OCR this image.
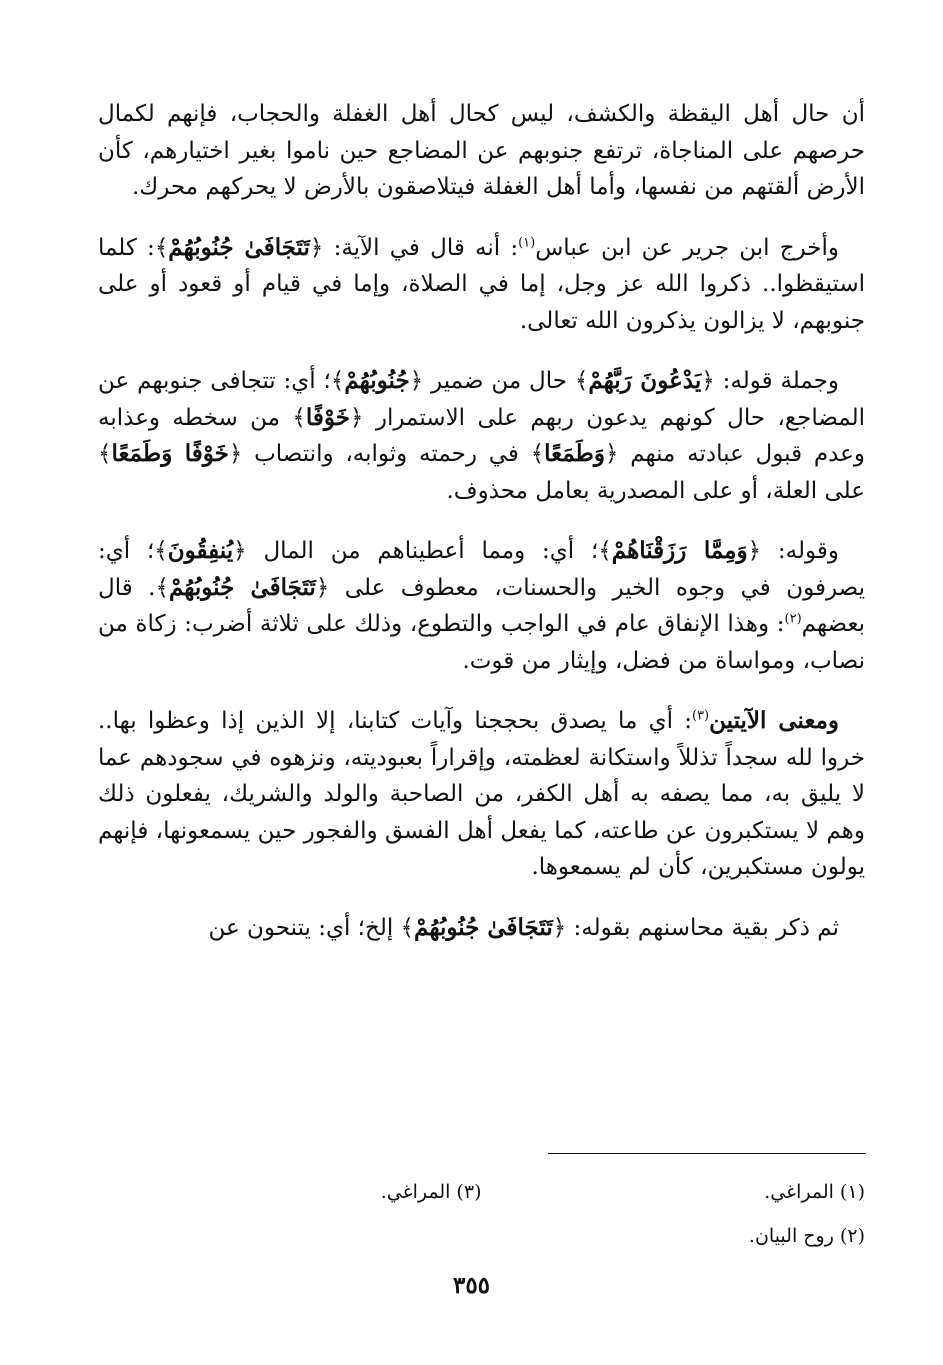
أن حال أهل اليقظة والكشف، ليس كحال أهل الغفلة والحجاب، فإنهم لكمال حرصهم على المناجاة، ترتفع جنوبهم عن المضاجع حين ناموا بغير اختيارهم، كأن الأرض ألقتهم من نفسها، وأما أهل الغفلة فيتلاصقون بالأرض لا يحركهم محرك.

وأخرج ابن جرير عن ابن عباس$^{(١)}$: أنه قال في الآية: ﴿ تَتَجَافَىٰ جُنُوبُهُمْ ﴾: كلما استيقظوا.. ذكروا الله عز وجل، إما في الصلاة، وإما في قيام أو قعود أو على جنوبهم، لا يزالون يذكرون الله تعالى.

وجملة قوله: ﴿ يَدْعُونَ رَبَّهُمْ ﴾ حال من ضمير ﴿ جُنُوبُهُمْ ﴾؛ أي: تتجافى جنوبهم عن المضاجع، حال كونهم يدعون ربهم على الاستمرار ﴿ خَوْفًا ﴾ من سخطه وعذابه وعدم قبول عبادته منهم ﴿ وَطَمَعًا ﴾ في رحمته وثوابه، وانتصاب ﴿ خَوْفًا وَطَمَعًا ﴾ على العلة، أو على المصدرية بعامل محذوف.

وقوله: ﴿ وَمِمَّا رَزَقْنَاهُمْ ﴾؛ أي: ومما أعطيناهم من المال ﴿ يُنفِقُونَ ﴾؛ أي: يصرفون في وجوه الخير والحسنات، معطوف على ﴿ تَتَجَافَىٰ جُنُوبُهُمْ ﴾. قال بعضهم$^{(٢)}$: وهذا الإنفاق عام في الواجب والتطوع، وذلك على ثلاثة أضرب: زكاة من نصاب، ومواساة من فضل، وإيثار من قوت.

ومعنى الآيتين$^{(٣)}$: أي ما يصدق بحججنا وآيات كتابنا، إلا الذين إذا وعظوا بها.. خروا لله سجداً تذللاً واستكانة لعظمته، وإقراراً بعبوديته، ونزهوه في سجودهم عما لا يليق به، مما يصفه به أهل الكفر، من الصاحبة والولد والشريك، يفعلون ذلك وهم لا يستكبرون عن طاعته، كما يفعل أهل الفسق والفجور حين يسمعونها، فإنهم يولون مستكبرين، كأن لم يسمعوها.

ثم ذكر بقية محاسنهم بقوله: ﴿ تَتَجَافَىٰ جُنُوبُهُمْ ﴾ إلخ؛ أي: يتنحون عن

(١) المراغي.
(٣) المراغي.
(٢) روح البيان.
٣٥٥
